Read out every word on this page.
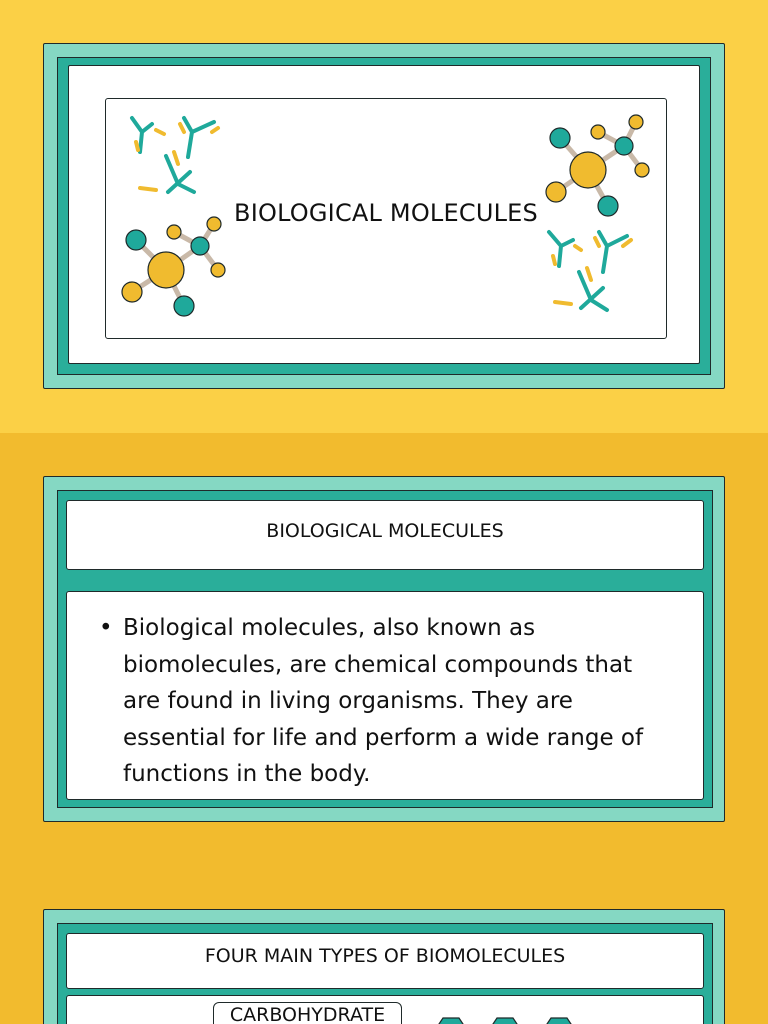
BIOLOGICAL MOLECULES
BIOLOGICAL MOLECULES
• Biological molecules, also known as biomolecules, are chemical compounds that are found in living organisms. They are essential for life and perform a wide range of functions in the body.
FOUR MAIN TYPES OF BIOMOLECULES
CARBOHYDRATE
